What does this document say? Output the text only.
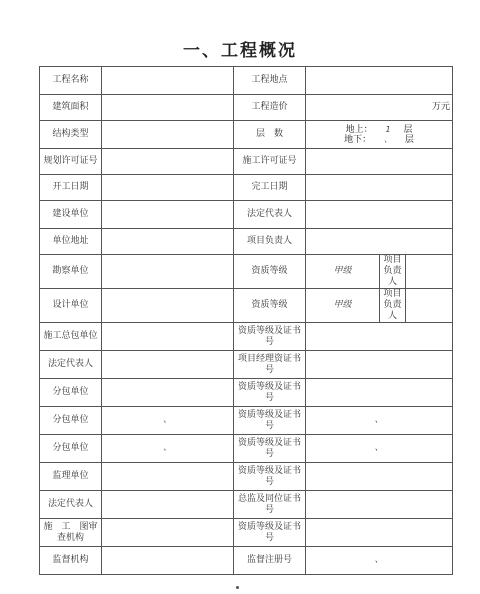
一、工程概况
工程名称		工程地点			
建筑面积		工程造价			万元
结构类型		层　数	地上： 1 层
地下： 、 层		

规划许可证号		施工许可证号			
开工日期		完工日期			
建设单位		法定代表人			
单位地址		项目负责人			
勘察单位		资质等级	甲级	项目负责人	
设计单位		资质等级	甲级	项目负责人	
施工总包单位		资质等级及证书号			
法定代表人		项目经理资证书号			
分包单位		资质等级及证书号			
分包单位	、	资质等级及证书号	、		
分包单位	、	资质等级及证书号	、		
监理单位		资质等级及证书号			
法定代表人		总监及同位证书号			
施　工　图审查机构		资质等级及证书号			
监督机构		监督注册号	、		
